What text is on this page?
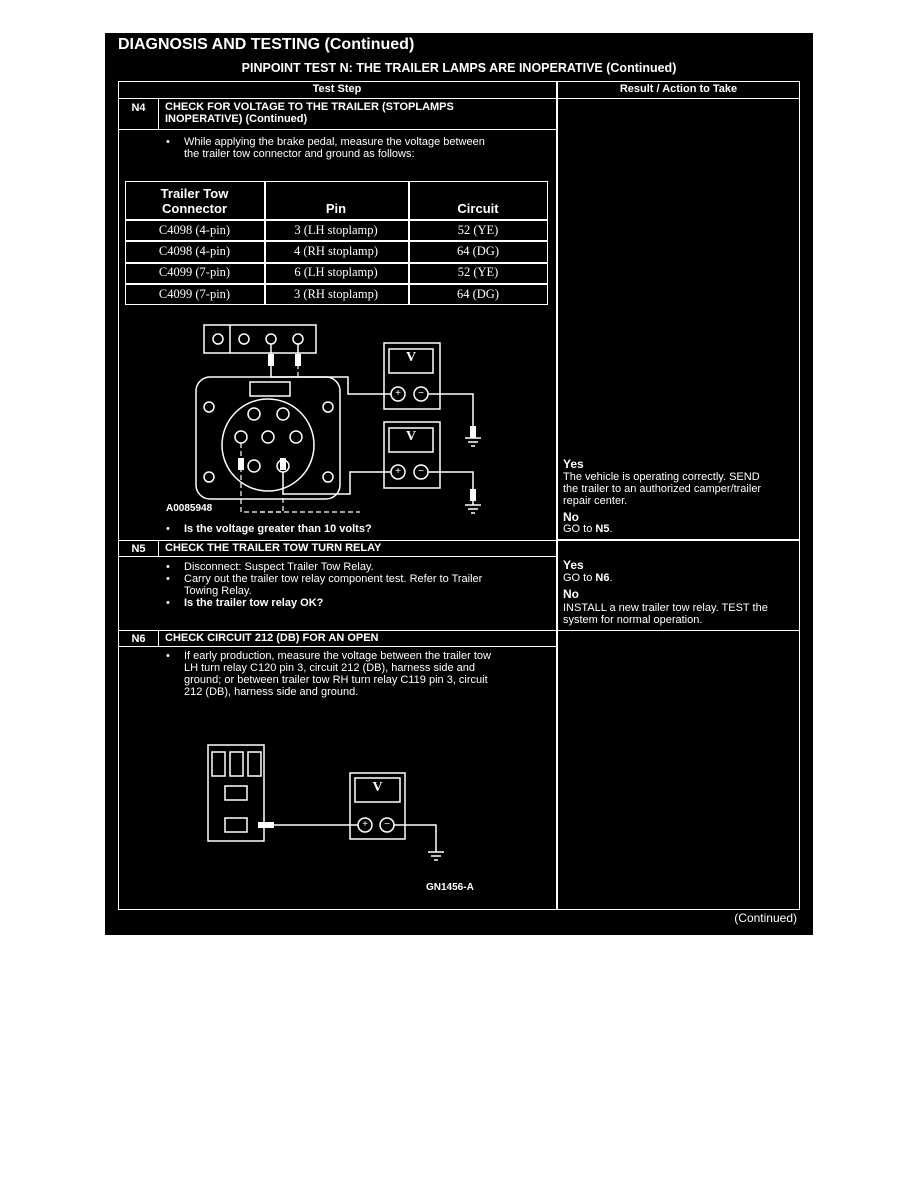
DIAGNOSIS AND TESTING (Continued)
PINPOINT TEST N: THE TRAILER LAMPS ARE INOPERATIVE (Continued)
Test Step	Result / Action to Take
N4	CHECK FOR VOLTAGE TO THE TRAILER (STOPLAMPS
INOPERATIVE) (Continued)
• While applying the brake pedal, measure the voltage between
the trailer tow connector and ground as follows:
Trailer Tow
Connector	Pin	Circuit
C4098 (4-pin)	3 (LH stoplamp)	52 (YE)
C4098 (4-pin)	4 (RH stoplamp)	64 (DG)
C4099 (7-pin)	6 (LH stoplamp)	52 (YE)
C4099 (7-pin)	3 (RH stoplamp)	64 (DG)
V
V
+	−
+	−
A0085948
• Is the voltage greater than 10 volts?
Yes
The vehicle is operating correctly. SEND
the trailer to an authorized camper/trailer
repair center.
No
GO to N5.
N5	CHECK THE TRAILER TOW TURN RELAY
• Disconnect: Suspect Trailer Tow Relay.
• Carry out the trailer tow relay component test. Refer to Trailer
Towing Relay.
• Is the trailer tow relay OK?
Yes
GO to N6.
No
INSTALL a new trailer tow relay. TEST the
system for normal operation.
N6	CHECK CIRCUIT 212 (DB) FOR AN OPEN
• If early production, measure the voltage between the trailer tow
LH turn relay C120 pin 3, circuit 212 (DB), harness side and
ground; or between trailer tow RH turn relay C119 pin 3, circuit
212 (DB), harness side and ground.
V
+	−
GN1456-A
(Continued)
